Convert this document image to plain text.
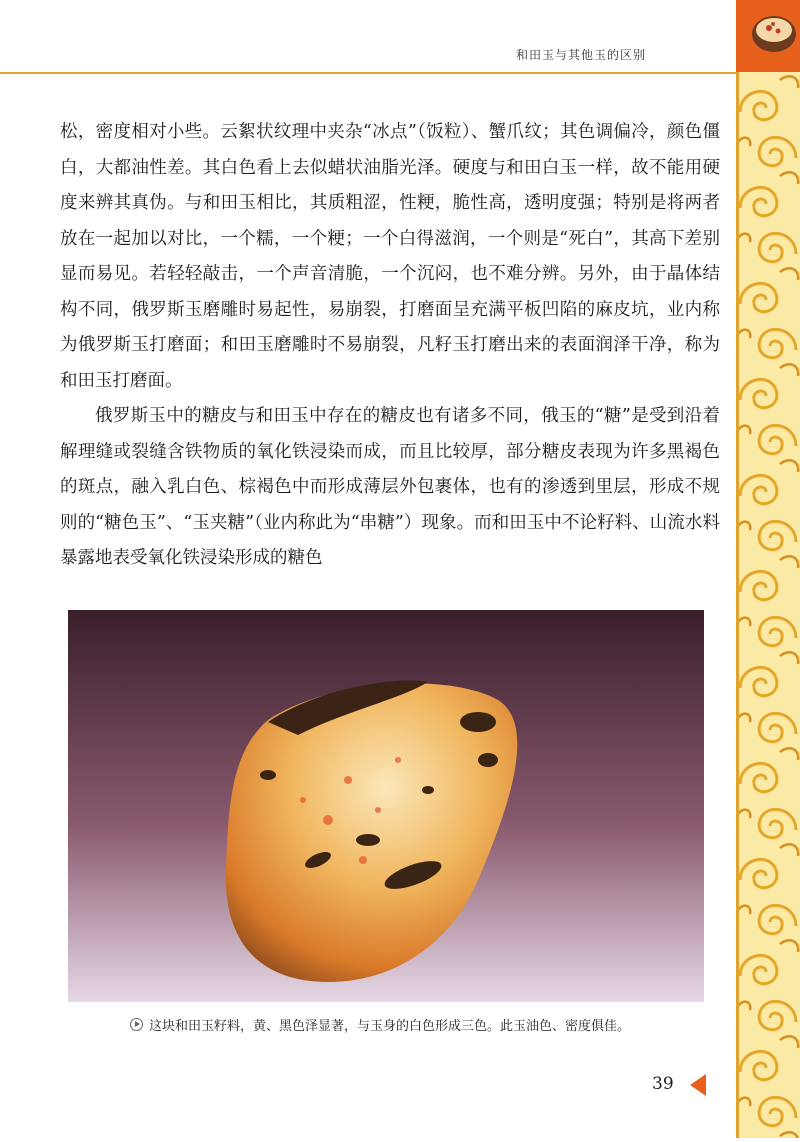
和田玉与其他玉的区别

松，密度相对小些。云絮状纹理中夹杂“冰点”（饭粒）、蟹爪纹；其色调偏冷，颜色僵白，大都油性差。其白色看上去似蜡状油脂光泽。硬度与和田白玉一样，故不能用硬度来辨其真伪。与和田玉相比，其质粗涩，性粳，脆性高，透明度强；特别是将两者放在一起加以对比，一个糯，一个粳；一个白得滋润，一个则是“死白”，其高下差别显而易见。若轻轻敲击，一个声音清脆，一个沉闷，也不难分辨。另外，由于晶体结构不同，俄罗斯玉磨雕时易起性，易崩裂，打磨面呈充满平板凹陷的麻皮坑，业内称为俄罗斯玉打磨面；和田玉磨雕时不易崩裂，凡籽玉打磨出来的表面润泽干净，称为和田玉打磨面。

俄罗斯玉中的糖皮与和田玉中存在的糖皮也有诸多不同，俄玉的“糖”是受到沿着解理缝或裂缝含铁物质的氧化铁浸染而成，而且比较厚，部分糖皮表现为许多黑褐色的斑点，融入乳白色、棕褐色中而形成薄层外包裹体，也有的渗透到里层，形成不规则的“糖色玉”、“玉夹糖”（业内称此为“串糖”）现象。而和田玉中不论籽料、山流水料暴露地表受氧化铁浸染形成的糖色

这块和田玉籽料，黄、黑色泽显著，与玉身的白色形成三色。此玉油色、密度俱佳。
39
